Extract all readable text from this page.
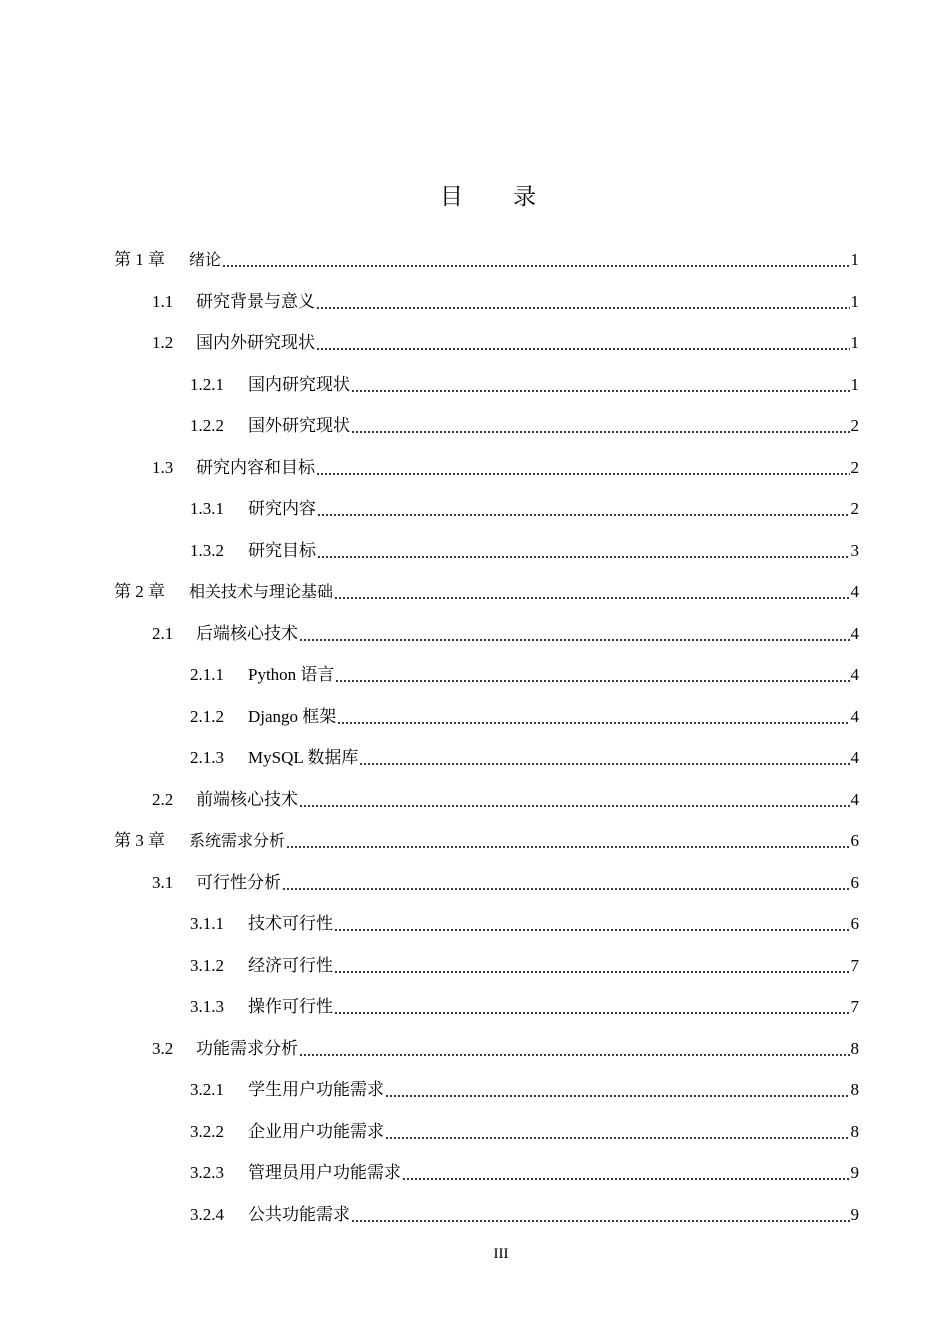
目 录
第 1 章	绪论	1
1.1	研究背景与意义	1
1.2	国内外研究现状	1
1.2.1	国内研究现状	1
1.2.2	国外研究现状	2
1.3	研究内容和目标	2
1.3.1	研究内容	2
1.3.2	研究目标	3
第 2 章	相关技术与理论基础	4
2.1	后端核心技术	4
2.1.1	Python 语言	4
2.1.2	Django 框架	4
2.1.3	MySQL 数据库	4
2.2	前端核心技术	4
第 3 章	系统需求分析	6
3.1	可行性分析	6
3.1.1	技术可行性	6
3.1.2	经济可行性	7
3.1.3	操作可行性	7
3.2	功能需求分析	8
3.2.1	学生用户功能需求	8
3.2.2	企业用户功能需求	8
3.2.3	管理员用户功能需求	9
3.2.4	公共功能需求	9
III
